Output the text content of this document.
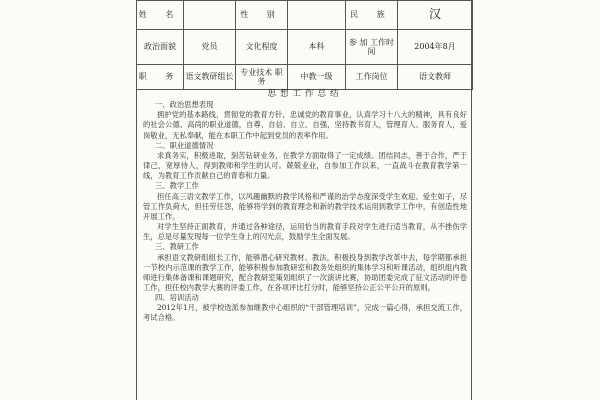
姓 名		性 别		民 族	汉
政治面貌	党员	文化程度	本科	参 加 工作时间	2004年8月
职 务	语文教研组长	专业技术 职 务	中教一级	工作岗位	语文教师
思想工作总结
一、政治思想表现

拥护党的基本路线，贯彻党的教育方针，忠诚党的教育事业，认真学习十八大的精神，具有良好的社会公德、高尚的职业道德，自尊、自信、自立、自强，坚持教书育人，管理育人、服务育人，爱岗敬业，无私奉献，能在本职工作中起到党员的表率作用。

二、职业道德情况

求真务实，积极进取，刻苦钻研业务，在教学方面取得了一定成绩。团结同志，善于合作，严于律己，宽厚待人，得到教师和学生的认可。兢兢业业，自参加工作以来，一直战斗在教育教学第一线，为教育工作贡献自己的青春和力量。

三、教学工作

担任高三语文教学工作，以风趣幽默的教学风格和严谨的治学态度深受学生欢迎、爱生如子，尽管工作负荷大，但任劳任怨，能够将学到的教育理念和新的教学技术运用到教学工作中，有创造性地开展工作。

对学生坚持正面教育，并通过各种途径，运用恰当的教育手段对学生进行适当教育，从不挫伤学生，总是尽量发现每一位学生身上的闪光点，鼓励学生全面发展。

三、教研工作

承担语文教研组组长工作，能够潜心研究教材、教法，积极投身到教学改革中去，每学期都承担一节校内示范课的教学工作，能够积极参加教研室和教务处组织的集体学习和听课活动，组织组内教师进行集体备课和课题研究，配合教研室策划组织了一次演讲比赛，协助团委完成了征文活动的评卷工作，担任校内教学大赛的评委工作，在各项评比打分时，能够坚持公正公平公开的原则。

四、培训活动

2012年1月，被学校选派参加继教中心组织的“干部管理培训”，完成一篇心得，承担交流工作，考试合格。
